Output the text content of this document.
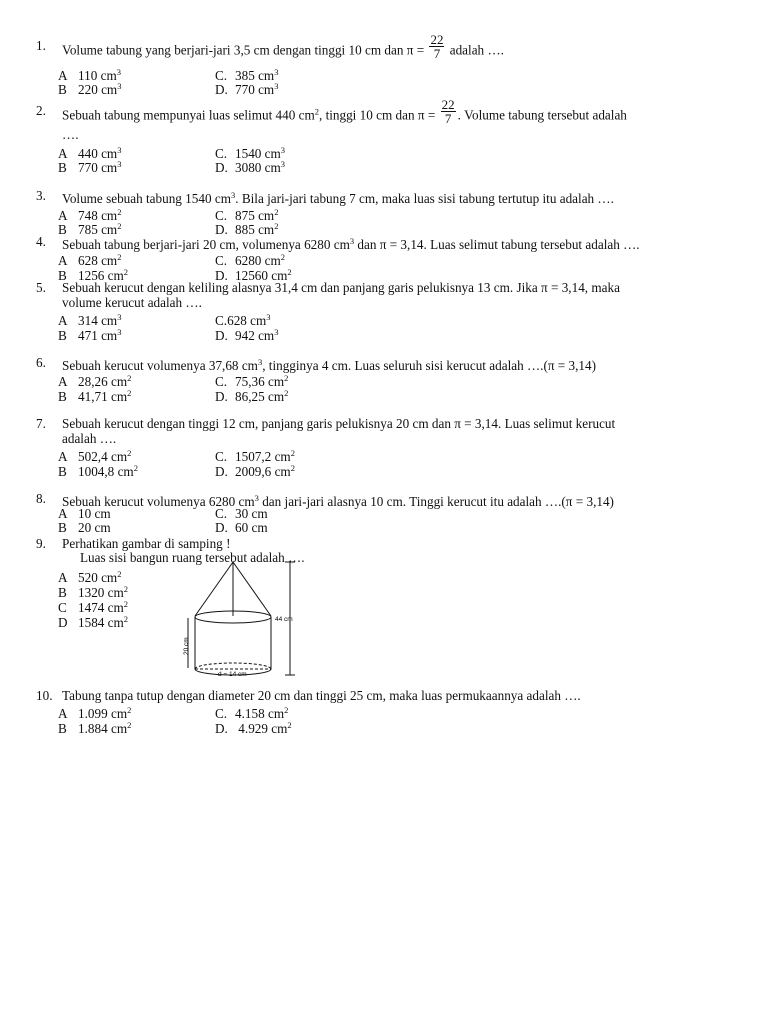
1. Volume tabung yang berjari-jari 3,5 cm dengan tinggi 10 cm dan $\pi = \frac{22}{7}$ adalah ….
A 110 $cm^3$	C. 385 $cm^3$
B 220 $cm^3$	D. 770 $cm^3$
2. Sebuah tabung mempunyai luas selimut 440 $cm^2$, tinggi 10 cm dan $\pi = \frac{22}{7}$ . Volume tabung tersebut adalah
….
A 440 $cm^3$	C. 1540 $cm^3$
B 770 $cm^3$	D. 3080 $cm^3$
3. Volume sebuah tabung 1540 $cm^3$. Bila jari-jari tabung 7 cm, maka luas sisi tabung tertutup itu adalah ….
A 748 $cm^2$	C. 875 $cm^2$
B 785 $cm^2$	D. 885 $cm^2$
4. Sebuah tabung berjari-jari 20 cm, volumenya 6280 $cm^3$ dan π = 3,14. Luas selimut tabung tersebut adalah ….
A 628 $cm^2$	C. 6280 $cm^2$
B 1256 $cm^2$	D. 12560 $cm^2$
5. Sebuah kerucut dengan keliling alasnya 31,4 cm dan panjang garis pelukisnya 13 cm. Jika π = 3,14, maka
volume kerucut adalah ….
A 314 $cm^3$	C.628 $cm^3$
B 471 $cm^3$	D. 942 $cm^3$
6. Sebuah kerucut volumenya 37,68 $cm^3$, tingginya 4 cm. Luas seluruh sisi kerucut adalah ….(π = 3,14)
A 28,26 $cm^2$	C. 75,36 $cm^2$
B 41,71 $cm^2$	D. 86,25 $cm^2$
7. Sebuah kerucut dengan tinggi 12 cm, panjang garis pelukisnya 20 cm dan π = 3,14. Luas selimut kerucut
adalah ….
A 502,4 $cm^2$	C. 1507,2 $cm^2$
B 1004,8 $cm^2$	D. 2009,6 $cm^2$
8. Sebuah kerucut volumenya 6280 $cm^3$ dan jari-jari alasnya 10 cm. Tinggi kerucut itu adalah ….(π = 3,14)
A 10 cm	C. 30 cm
B 20 cm	D. 60 cm
9. Perhatikan gambar di samping !
Luas sisi bangun ruang tersebut adalah ….
A 520 $cm^2$
B 1320 $cm^2$
C 1474 $cm^2$
D 1584 $cm^2$	44 cm
20 cm
d = 14 cm
10. Tabung tanpa tutup dengan diameter 20 cm dan tinggi 25 cm, maka luas permukaannya adalah ….
A 1.099 $cm^2$	C. 4.158 $cm^2$
B 1.884 $cm^2$	D. 4.929 $cm^2$
